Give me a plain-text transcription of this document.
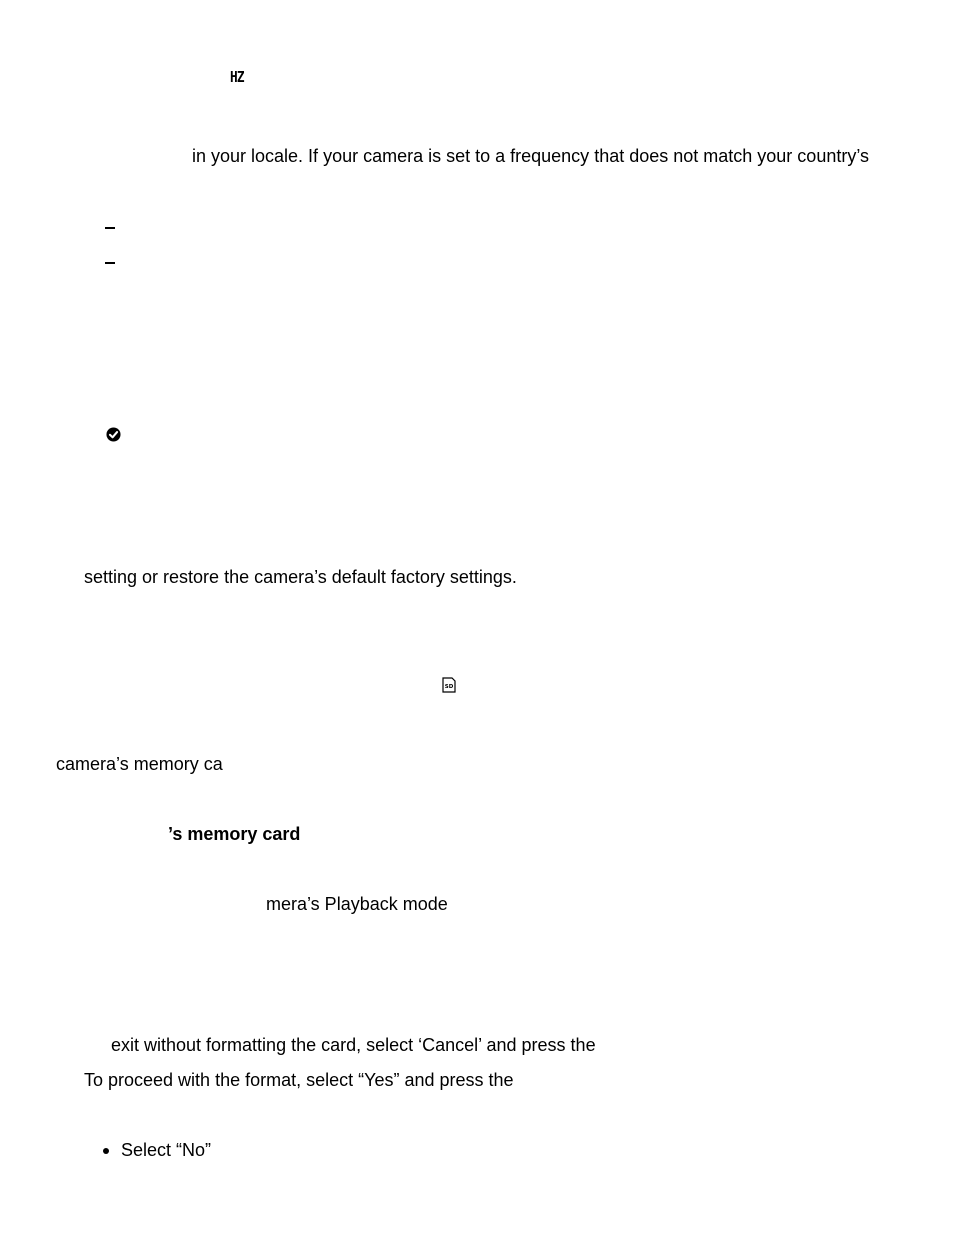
HZ
in your locale. If your camera is set to a frequency that does not match your country’s
setting or restore the camera’s default factory settings.
SD
camera’s memory ca
’s memory card
mera’s Playback mode
exit without formatting the card, select ‘Cancel’ and press the
To proceed with the format, select “Yes” and press the
Select “No”
